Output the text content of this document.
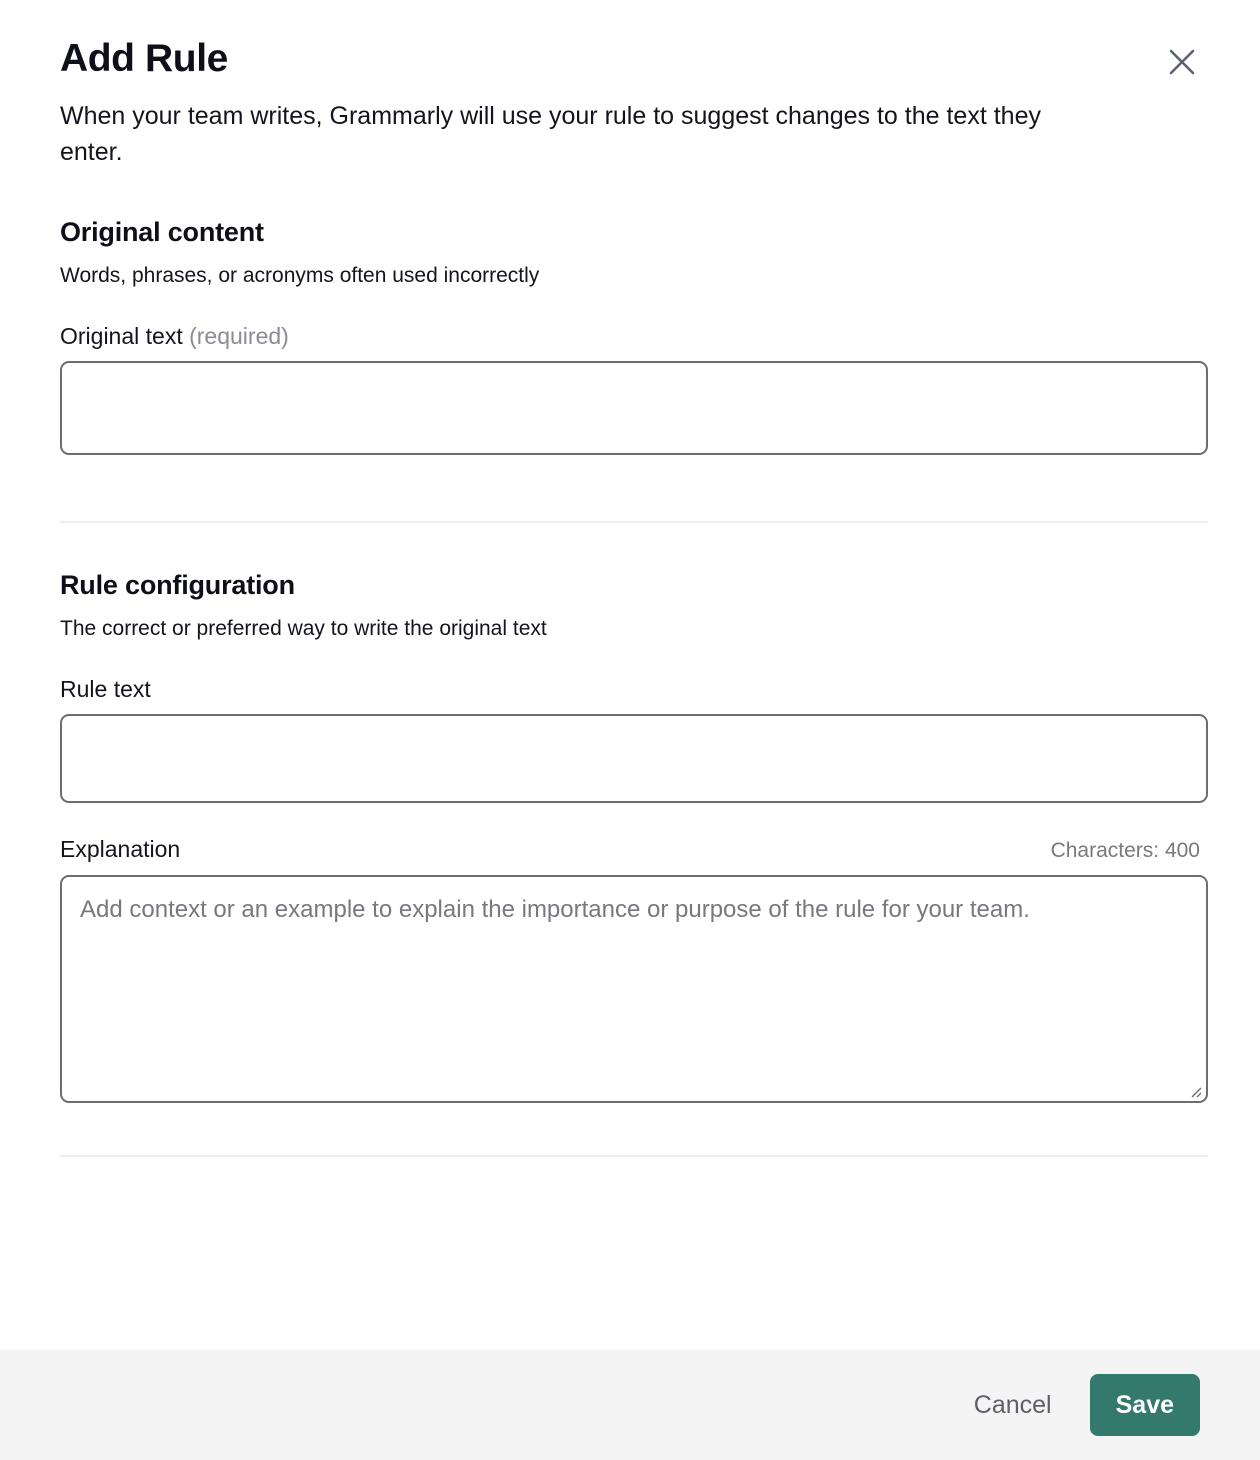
Add Rule

When your team writes, Grammarly will use your rule to suggest changes to the text they enter.

Original content

Words, phrases, or acronyms often used incorrectly

Original text (required)
Rule configuration

The correct or preferred way to write the original text

Rule text
Explanation	Characters: 400
Add context or an example to explain the importance or purpose of the rule for your team.
Cancel	Save
